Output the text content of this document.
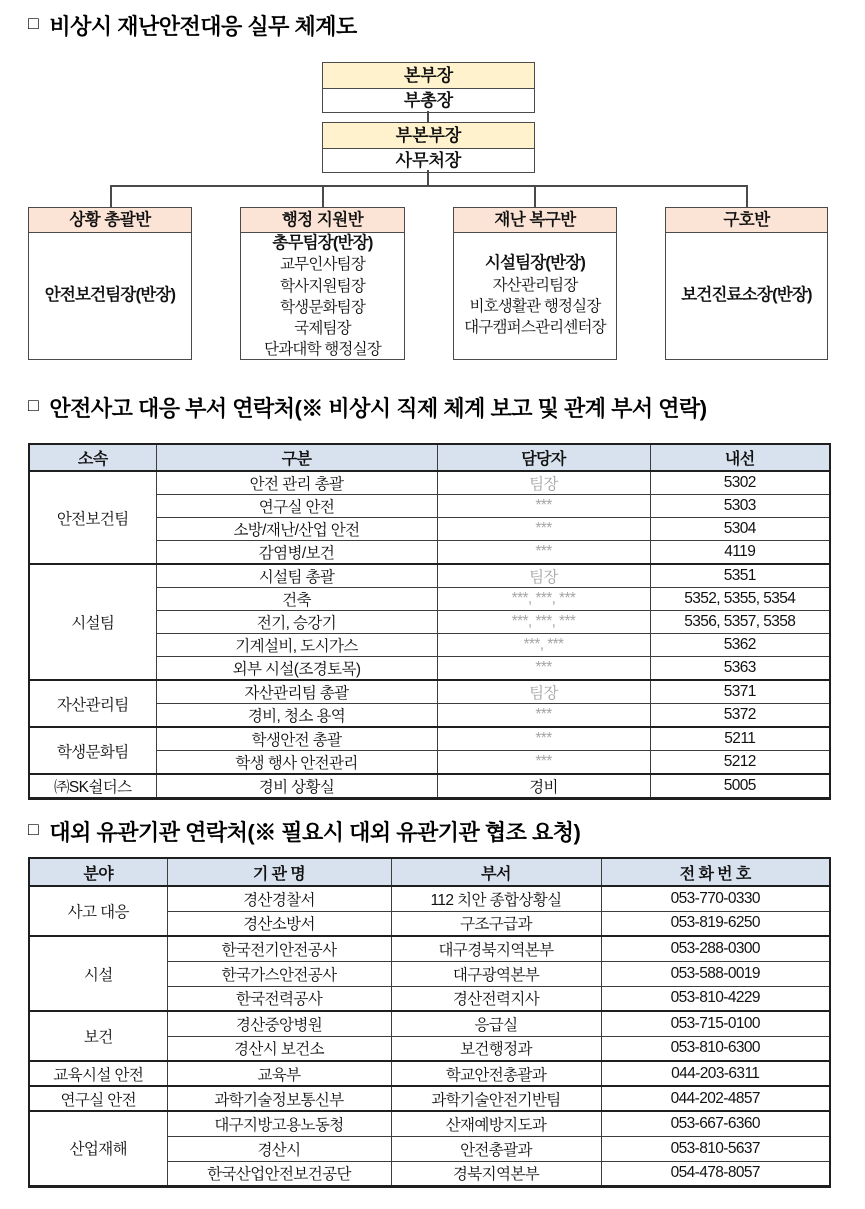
□ 비상시 재난안전대응 실무 체계도
본부장
부총장
부본부장
사무처장
상황 총괄반
안전보건팀장(반장)
행정 지원반
총무팀장(반장)
교무인사팀장
학사지원팀장
학생문화팀장
국제팀장
단과대학 행정실장
재난 복구반
시설팀장(반장)
자산관리팀장
비호생활관 행정실장
대구캠퍼스관리센터장
구호반
보건진료소장(반장)
□ 안전사고 대응 부서 연락처(※ 비상시 직제 체계 보고 및 관계 부서 연락)
소속	구분	담당자	내선
안전보건팀	안전 관리 총괄	팀장	5302
	연구실 안전	***	5303
	소방/재난/산업 안전	***	5304
	감염병/보건	***	4119
시설팀	시설팀 총괄	팀장	5351
	건축	***, ***, ***	5352, 5355, 5354
	전기, 승강기	***, ***, ***	5356, 5357, 5358
	기계설비, 도시가스	***, ***	5362
	외부 시설(조경토목)	***	5363
자산관리팀	자산관리팀 총괄	팀장	5371
	경비, 청소 용역	***	5372
학생문화팀	학생안전 총괄	***	5211
	학생 행사 안전관리	***	5212
㈜SK쉴더스	경비 상황실	경비	5005
□ 대외 유관기관 연락처(※ 필요시 대외 유관기관 협조 요청)
분야	기 관 명	부서	전 화 번 호
사고 대응	경산경찰서	112 치안 종합상황실	053-770-0330
	경산소방서	구조구급과	053-819-6250
시설	한국전기안전공사	대구경북지역본부	053-288-0300
	한국가스안전공사	대구광역본부	053-588-0019
	한국전력공사	경산전력지사	053-810-4229
보건	경산중앙병원	응급실	053-715-0100
	경산시 보건소	보건행정과	053-810-6300
교육시설 안전	교육부	학교안전총괄과	044-203-6311
연구실 안전	과학기술정보통신부	과학기술안전기반팀	044-202-4857
산업재해	대구지방고용노동청	산재예방지도과	053-667-6360
	경산시	안전총괄과	053-810-5637
	한국산업안전보건공단	경북지역본부	054-478-8057
